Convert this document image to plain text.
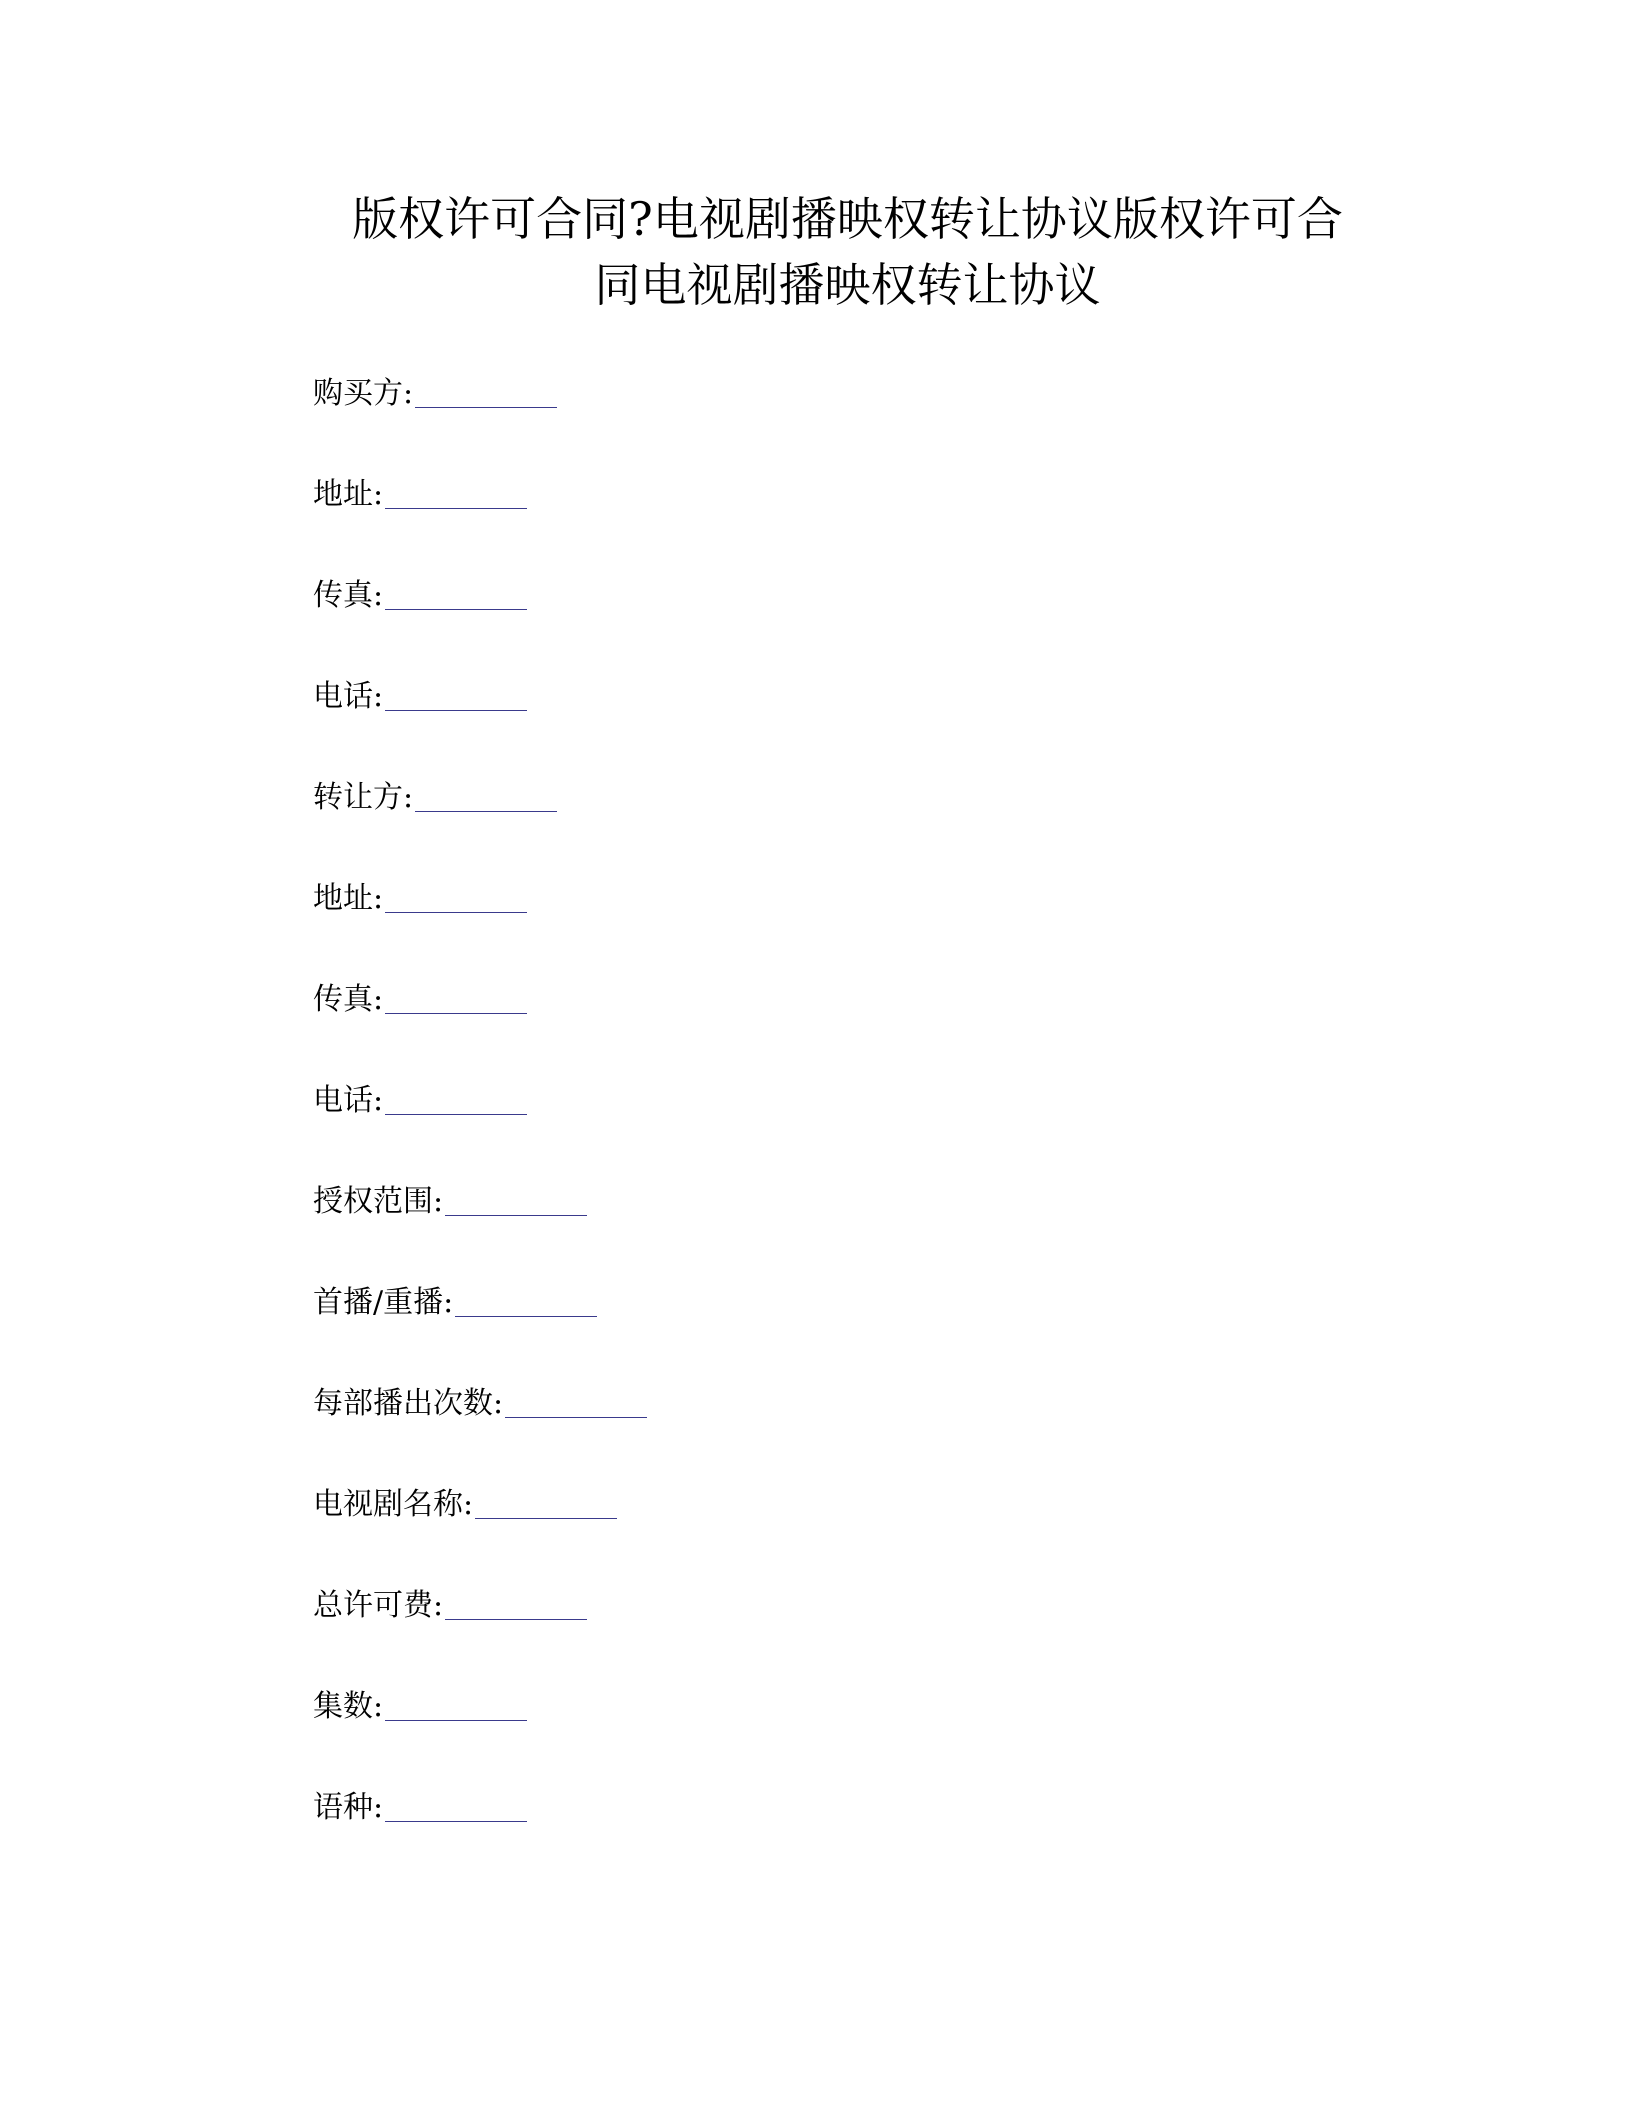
版权许可合同?电视剧播映权转让协议版权许可合
同电视剧播映权转让协议
购买方:
地址:
传真:
电话:
转让方:
地址:
传真:
电话:
授权范围:
首播/重播:
每部播出次数:
电视剧名称:
总许可费:
集数:
语种:
